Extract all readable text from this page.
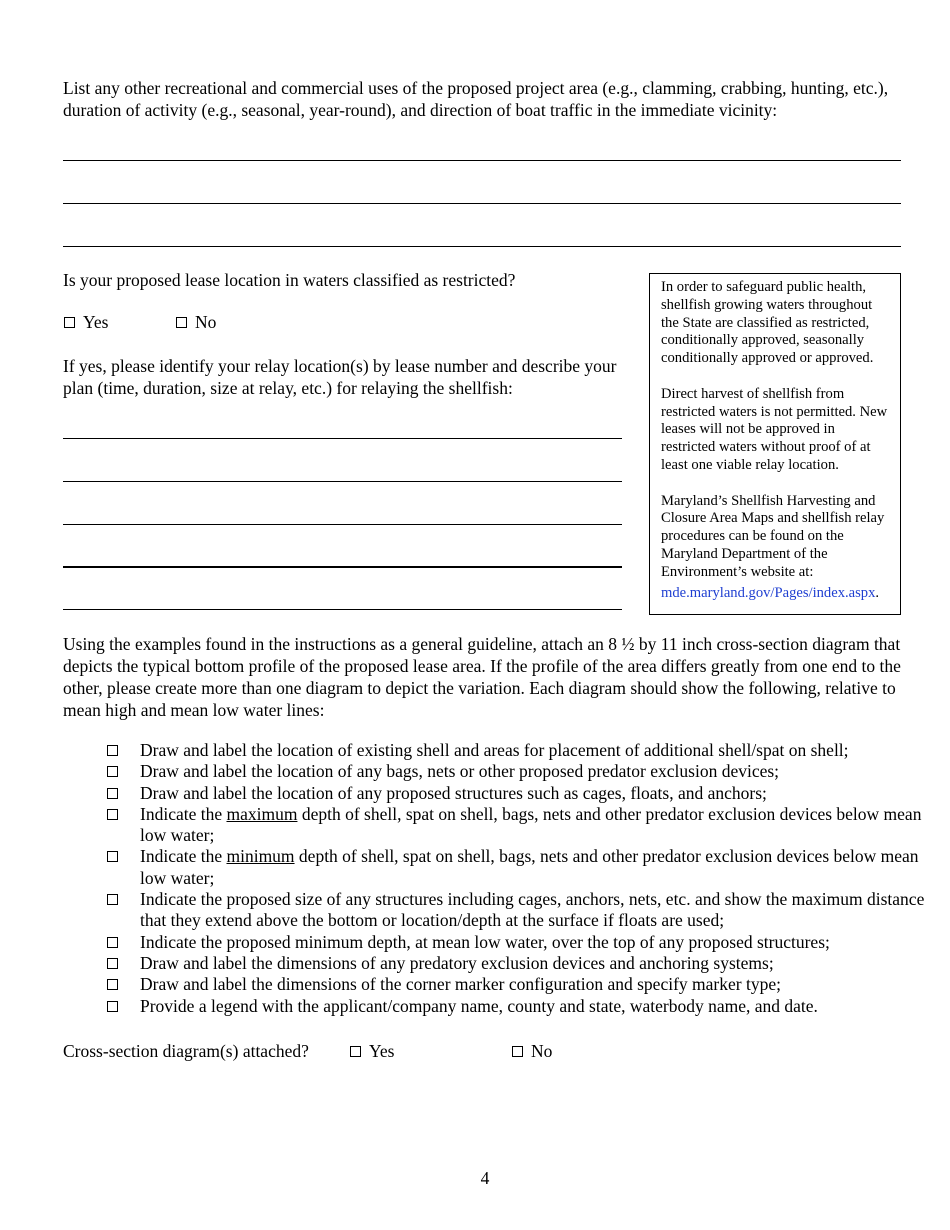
List any other recreational and commercial uses of the proposed project area (e.g., clamming, crabbing, hunting, etc.), duration of activity (e.g., seasonal, year-round), and direction of boat traffic in the immediate vicinity:

Is your proposed lease location in waters classified as restricted?

Yes	No

If yes, please identify your relay location(s) by lease number and describe your plan (time, duration, size at relay, etc.) for relaying the shellfish:

In order to safeguard public health, shellfish growing waters throughout the State are classified as restricted, conditionally approved, seasonally conditionally approved or approved.

Direct harvest of shellfish from restricted waters is not permitted. New leases will not be approved in restricted waters without proof of at least one viable relay location.

Maryland’s Shellfish Harvesting and Closure Area Maps and shellfish relay procedures can be found on the Maryland Department of the Environment’s website at:

mde.maryland.gov/Pages/index.aspx.

Using the examples found in the instructions as a general guideline, attach an 8 ½ by 11 inch cross-section diagram that depicts the typical bottom profile of the proposed lease area. If the profile of the area differs greatly from one end to the other, please create more than one diagram to depict the variation. Each diagram should show the following, relative to mean high and mean low water lines:

Draw and label the location of existing shell and areas for placement of additional shell/spat on shell;
Draw and label the location of any bags, nets or other proposed predator exclusion devices;
Draw and label the location of any proposed structures such as cages, floats, and anchors;
Indicate the maximum depth of shell, spat on shell, bags, nets and other predator exclusion devices below mean low water;
Indicate the minimum depth of shell, spat on shell, bags, nets and other predator exclusion devices below mean low water;
Indicate the proposed size of any structures including cages, anchors, nets, etc. and show the maximum distance that they extend above the bottom or location/depth at the surface if floats are used;
Indicate the proposed minimum depth, at mean low water, over the top of any proposed structures;
Draw and label the dimensions of any predatory exclusion devices and anchoring systems;
Draw and label the dimensions of the corner marker configuration and specify marker type;
Provide a legend with the applicant/company name, county and state, waterbody name, and date.

Cross-section diagram(s) attached?	Yes	No
4
